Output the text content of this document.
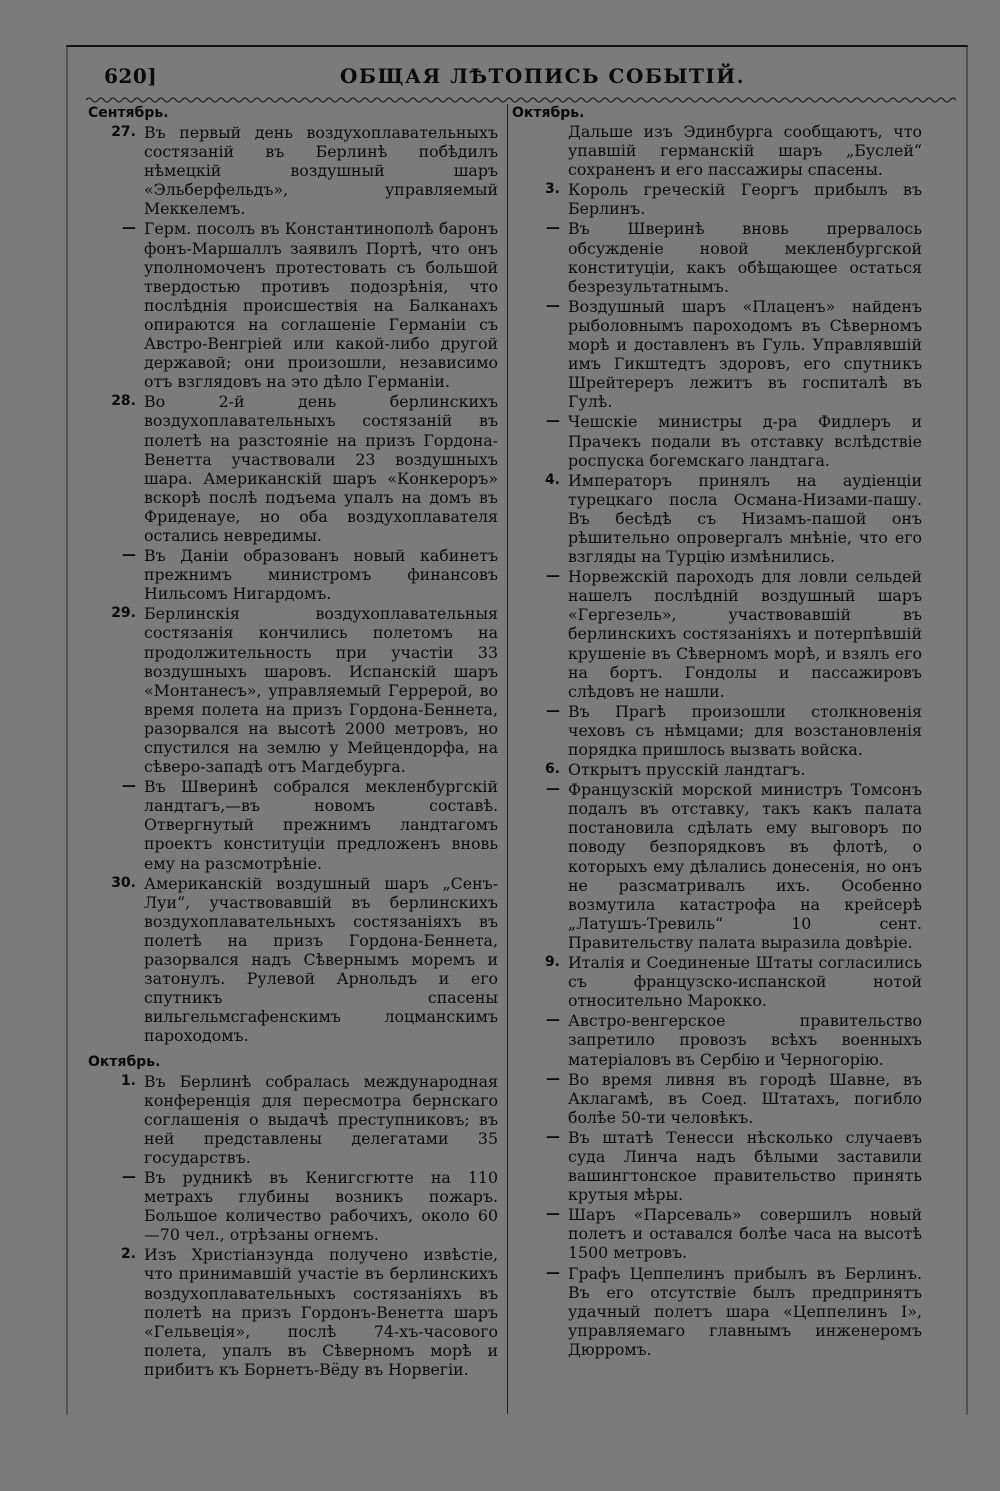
620]	ОБЩАЯ ЛѢТОПИСЬ СОБЫТІЙ.
Сентябрь.
27. Въ первый день воздухоплавательныхъ состязаній въ Берлинѣ побѣдилъ нѣмецкій воздушный шаръ «Эльберфельдъ», управляемый Меккелемъ.
— Герм. посолъ въ Константинополѣ баронъ фонъ-Маршаллъ заявилъ Портѣ, что онъ уполномоченъ протестовать съ большой твердостью противъ подозрѣнія, что послѣднія происшествія на Балканахъ опираются на соглашеніе Германіи съ Австро-Венгріей или какой-либо другой державой; они произошли, независимо отъ взглядовъ на это дѣло Германіи.
28. Во 2-й день берлинскихъ воздухоплавательныхъ состязаній въ полетѣ на разстояніе на призъ Гордона-Венетта участвовали 23 воздушныхъ шара. Американскій шаръ «Конкероръ» вскорѣ послѣ подъема упалъ на домъ въ Фриденауе, но оба воздухоплавателя остались невредимы.
— Въ Даніи образованъ новый кабинетъ прежнимъ министромъ финансовъ Нильсомъ Нигардомъ.
29. Берлинскія воздухоплавательныя состязанія кончились полетомъ на продолжительность при участіи 33 воздушныхъ шаровъ. Испанскій шаръ «Монтанесъ», управляемый Геррерой, во время полета на призъ Гордона-Беннета, разорвался на высотѣ 2000 метровъ, но спустился на землю у Мейцендорфа, на сѣверо-западѣ отъ Магдебурга.
— Въ Шверинѣ собрался мекленбургскій ландтагъ,—въ новомъ составѣ. Отвергнутый прежнимъ ландтагомъ проектъ конституціи предложенъ вновь ему на разсмотрѣніе.
30. Американскій воздушный шаръ „Сенъ-Луи“, участвовавшій въ берлинскихъ воздухоплавательныхъ состязаніяхъ въ полетѣ на призъ Гордона-Беннета, разорвался надъ Сѣвернымъ моремъ и затонулъ. Рулевой Арнольдъ и его спутникъ спасены вильгельмсгафенскимъ лоцманскимъ пароходомъ.
Октябрь.
1. Въ Берлинѣ собралась международная конференція для пересмотра бернскаго соглашенія о выдачѣ преступниковъ; въ ней представлены делегатами 35 государствъ.
— Въ рудникѣ въ Кенигсгютте на 110 метрахъ глубины возникъ пожаръ. Большое количество рабочихъ, около 60—70 чел., отрѣзаны огнемъ.
2. Изъ Христіанзунда получено извѣстіе, что принимавшій участіе въ берлинскихъ воздухоплавательныхъ состязаніяхъ въ полетѣ на призъ Гордонъ-Венетта шаръ «Гельвеція», послѣ 74-хъ-часового полета, упалъ въ Сѣверномъ морѣ и прибитъ къ Борнетъ-Вёду въ Норвегіи.
Октябрь.
Дальше изъ Эдинбурга сообщаютъ, что упавшій германскій шаръ „Буслей“ сохраненъ и его пассажиры спасены.
3. Король греческій Георгъ прибылъ въ Берлинъ.
— Въ Шверинѣ вновь прервалось обсужденіе новой мекленбургской конституціи, какъ обѣщающее остаться безрезультатнымъ.
— Воздушный шаръ «Плаценъ» найденъ рыболовнымъ пароходомъ въ Сѣверномъ морѣ и доставленъ въ Гуль. Управлявшій имъ Гикштедтъ здоровъ, его спутникъ Шрейтереръ лежитъ въ госпиталѣ въ Гулѣ.
— Чешскіе министры д-ра Фидлеръ и Прачекъ подали въ отставку вслѣдствіе роспуска богемскаго ландтага.
4. Императоръ принялъ на аудіенціи турецкаго посла Османа-Низами-пашу. Въ бесѣдѣ съ Низамъ-пашой онъ рѣшительно опровергалъ мнѣніе, что его взгляды на Турцію измѣнились.
— Норвежскій пароходъ для ловли сельдей нашелъ послѣдній воздушный шаръ «Гергезель», участвовавшій въ берлинскихъ состязаніяхъ и потерпѣвшій крушеніе въ Сѣверномъ морѣ, и взялъ его на бортъ. Гондолы и пассажировъ слѣдовъ не нашли.
— Въ Прагѣ произошли столкновенія чеховъ съ нѣмцами; для возстановленія порядка пришлось вызвать войска.
6. Открытъ прусскій ландтагъ.
— Французскій морской министръ Томсонъ подалъ въ отставку, такъ какъ палата постановила сдѣлать ему выговоръ по поводу безпорядковъ въ флотѣ, о которыхъ ему дѣлались донесенія, но онъ не разсматривалъ ихъ. Особенно возмутила катастрофа на крейсерѣ „Латушъ-Тревиль“ 10 сент. Правительству палата выразила довѣріе.
9. Италія и Соединеные Штаты согласились съ французско-испанской нотой относительно Марокко.
— Австро-венгерское правительство запретило провозъ всѣхъ военныхъ матеріаловъ въ Сербію и Черногорію.
— Во время ливня въ городѣ Шавне, въ Аклагамѣ, въ Соед. Штатахъ, погибло болѣе 50-ти человѣкъ.
— Въ штатѣ Тенесси нѣсколько случаевъ суда Линча надъ бѣлыми заставили вашингтонское правительство принять крутыя мѣры.
— Шаръ «Парсеваль» совершилъ новый полетъ и оставался болѣе часа на высотѣ 1500 метровъ.
— Графъ Цеппелинъ прибылъ въ Берлинъ. Въ его отсутствіе былъ предпринятъ удачный полетъ шара «Цеппелинъ I», управляемаго главнымъ инженеромъ Дюрромъ.
